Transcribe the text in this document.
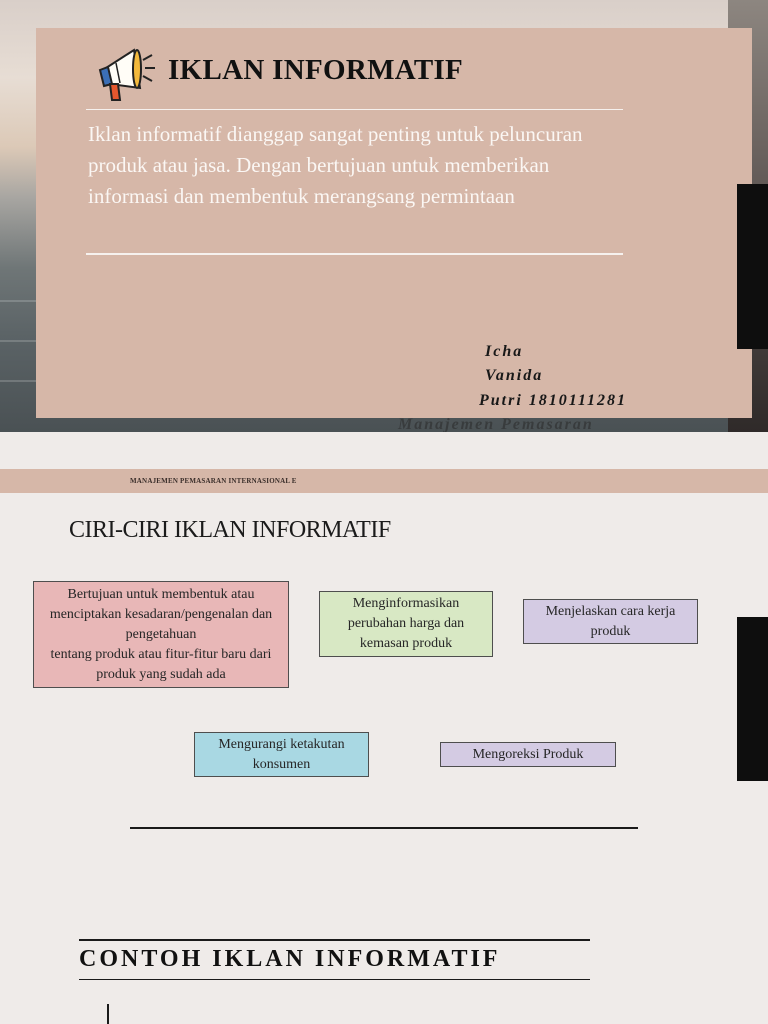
IKLAN INFORMATIF

Iklan informatif dianggap sangat penting untuk peluncuran produk atau jasa. Dengan bertujuan untuk memberikan informasi dan membentuk merangsang permintaan

Icha
Vanida
Putri 1810111281
Manajemen Pemasaran
MANAJEMEN PEMASARAN INTERNASIONAL E
CIRI-CIRI IKLAN INFORMATIF
Bertujuan untuk membentuk atau menciptakan kesadaran/pengenalan dan pengetahuan
tentang produk atau fitur-fitur baru dari produk yang sudah ada
Menginformasikan perubahan harga dan kemasan produk
Menjelaskan cara kerja produk
Mengurangi ketakutan konsumen
Mengoreksi Produk
CONTOH IKLAN INFORMATIF
